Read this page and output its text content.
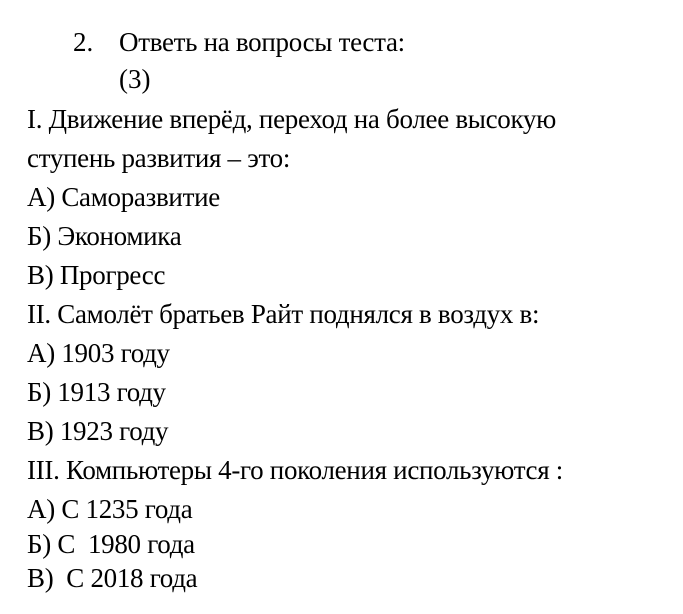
2. Ответь на вопросы теста:
(3)
I. Движение вперёд, переход на более высокую
ступень развития – это:
А) Саморазвитие
Б) Экономика
В) Прогресс
II. Самолёт братьев Райт поднялся в воздух в:
А) 1903 году
Б) 1913 году
В) 1923 году
III. Компьютеры 4-го поколения используются :
А) С 1235 года
Б) С  1980 года
В)  С 2018 года
